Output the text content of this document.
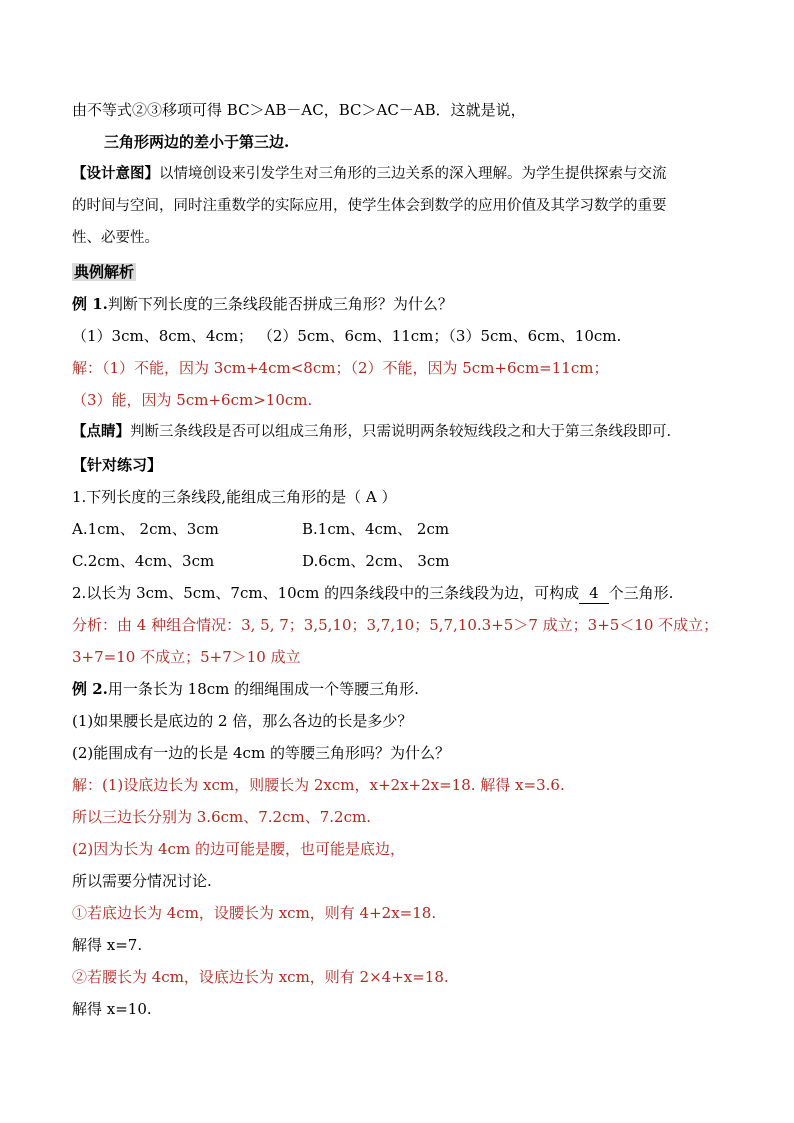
由不等式②③移项可得 BC＞AB－AC，BC＞AC－AB．这就是说，
三角形两边的差小于第三边.
【设计意图】以情境创设来引发学生对三角形的三边关系的深入理解。为学生提供探索与交流
的时间与空间，同时注重数学的实际应用，使学生体会到数学的应用价值及其学习数学的重要
性、必要性。
典例解析
例 1.判断下列长度的三条线段能否拼成三角形？为什么？
（1）3cm、8cm、4cm； （2）5cm、6cm、11cm；（3）5cm、6cm、10cm.
解：（1）不能，因为 3cm+4cm<8cm；（2）不能，因为 5cm+6cm=11cm；
（3）能，因为 5cm+6cm>10cm.
【点睛】判断三条线段是否可以组成三角形，只需说明两条较短线段之和大于第三条线段即可.
【针对练习】
1.下列长度的三条线段,能组成三角形的是（ A ）
A.1cm、 2cm、3cm	B.1cm、4cm、 2cm
C.2cm、4cm、3cm	D.6cm、2cm、 3cm
2.以长为 3cm、5cm、7cm、10cm 的四条线段中的三条线段为边，可构成 4 个三角形.
分析：由 4 种组合情况：3, 5, 7；3,5,10；3,7,10；5,7,10.3+5＞7 成立；3+5＜10 不成立；
3+7=10 不成立；5+7＞10 成立
例 2.用一条长为 18cm 的细绳围成一个等腰三角形.
(1)如果腰长是底边的 2 倍，那么各边的长是多少？
(2)能围成有一边的长是 4cm 的等腰三角形吗？为什么？
解：(1)设底边长为 xcm，则腰长为 2xcm，x+2x+2x=18. 解得 x=3.6.
所以三边长分别为 3.6cm、7.2cm、7.2cm.
(2)因为长为 4cm 的边可能是腰，也可能是底边，
所以需要分情况讨论.
①若底边长为 4cm，设腰长为 xcm，则有 4+2x=18.
解得 x=7.
②若腰长为 4cm，设底边长为 xcm，则有 2×4+x=18.
解得 x=10.
